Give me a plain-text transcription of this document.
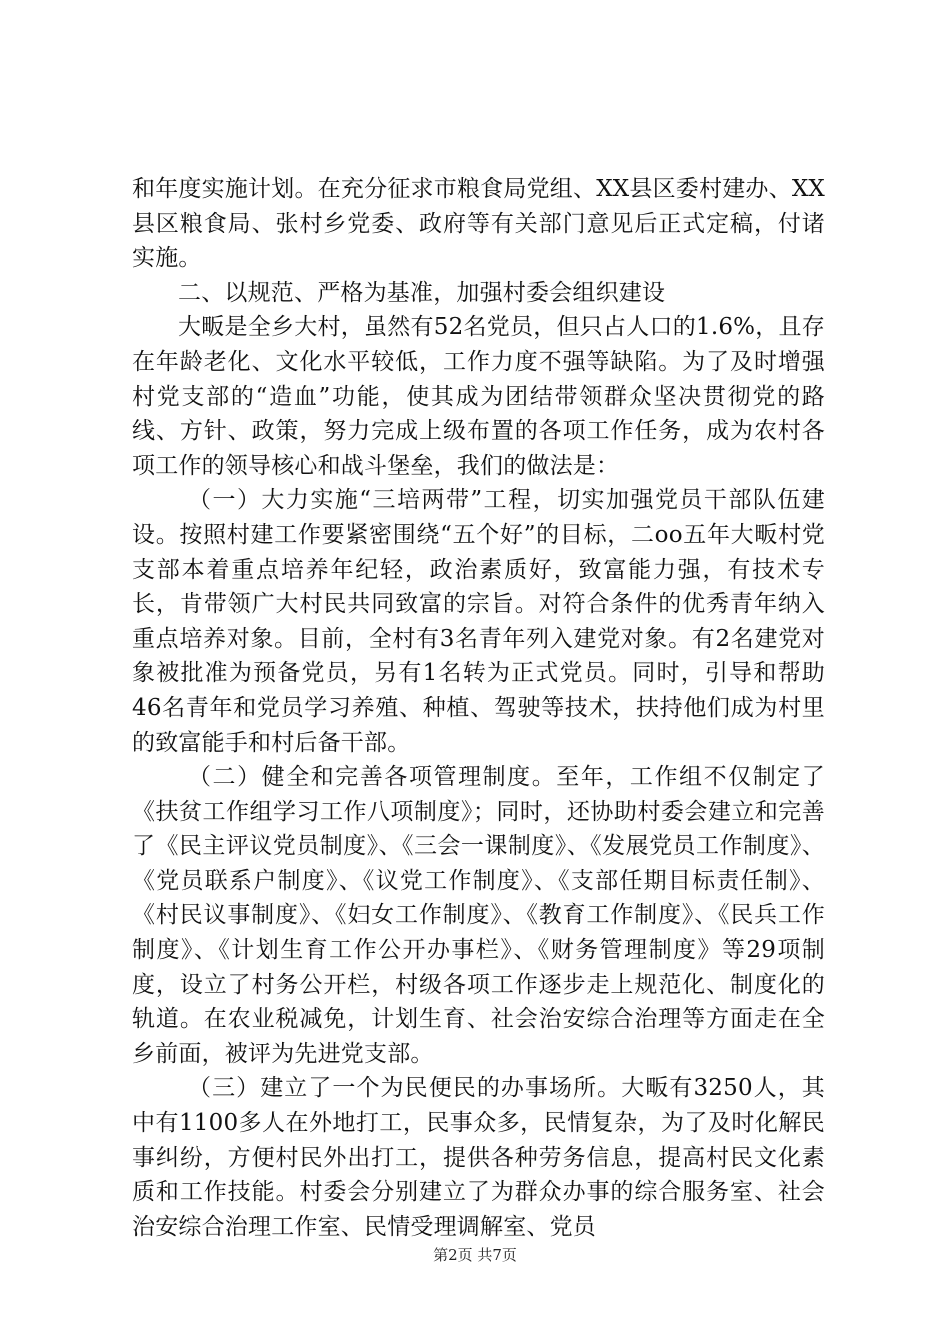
和年度实施计划。在充分征求市粮食局党组、XX县区委村建办、XX县区粮食局、张村乡党委、政府等有关部门意见后正式定稿，付诸实施。

二、以规范、严格为基准，加强村委会组织建设

大畈是全乡大村，虽然有52名党员，但只占人口的1.6%，且存在年龄老化、文化水平较低，工作力度不强等缺陷。为了及时增强村党支部的“造血”功能，使其成为团结带领群众坚决贯彻党的路线、方针、政策，努力完成上级布置的各项工作任务，成为农村各项工作的领导核心和战斗堡垒，我们的做法是：

（一）大力实施“三培两带”工程，切实加强党员干部队伍建设。按照村建工作要紧密围绕“五个好”的目标，二oo五年大畈村党支部本着重点培养年纪轻，政治素质好，致富能力强，有技术专长，肯带领广大村民共同致富的宗旨。对符合条件的优秀青年纳入重点培养对象。目前，全村有3名青年列入建党对象。有2名建党对象被批准为预备党员，另有1名转为正式党员。同时，引导和帮助46名青年和党员学习养殖、种植、驾驶等技术，扶持他们成为村里的致富能手和村后备干部。

（二）健全和完善各项管理制度。至年，工作组不仅制定了《扶贫工作组学习工作八项制度》；同时，还协助村委会建立和完善了《民主评议党员制度》、《三会一课制度》、《发展党员工作制度》、《党员联系户制度》、《议党工作制度》、《支部任期目标责任制》、《村民议事制度》、《妇女工作制度》、《教育工作制度》、《民兵工作制度》、《计划生育工作公开办事栏》、《财务管理制度》等29项制度，设立了村务公开栏，村级各项工作逐步走上规范化、制度化的轨道。在农业税减免，计划生育、社会治安综合治理等方面走在全乡前面，被评为先进党支部。

（三）建立了一个为民便民的办事场所。大畈有3250人，其中有1100多人在外地打工，民事众多，民情复杂，为了及时化解民事纠纷，方便村民外出打工，提供各种劳务信息，提高村民文化素质和工作技能。村委会分别建立了为群众办事的综合服务室、社会治安综合治理工作室、民情受理调解室、党员

第2页 共7页
